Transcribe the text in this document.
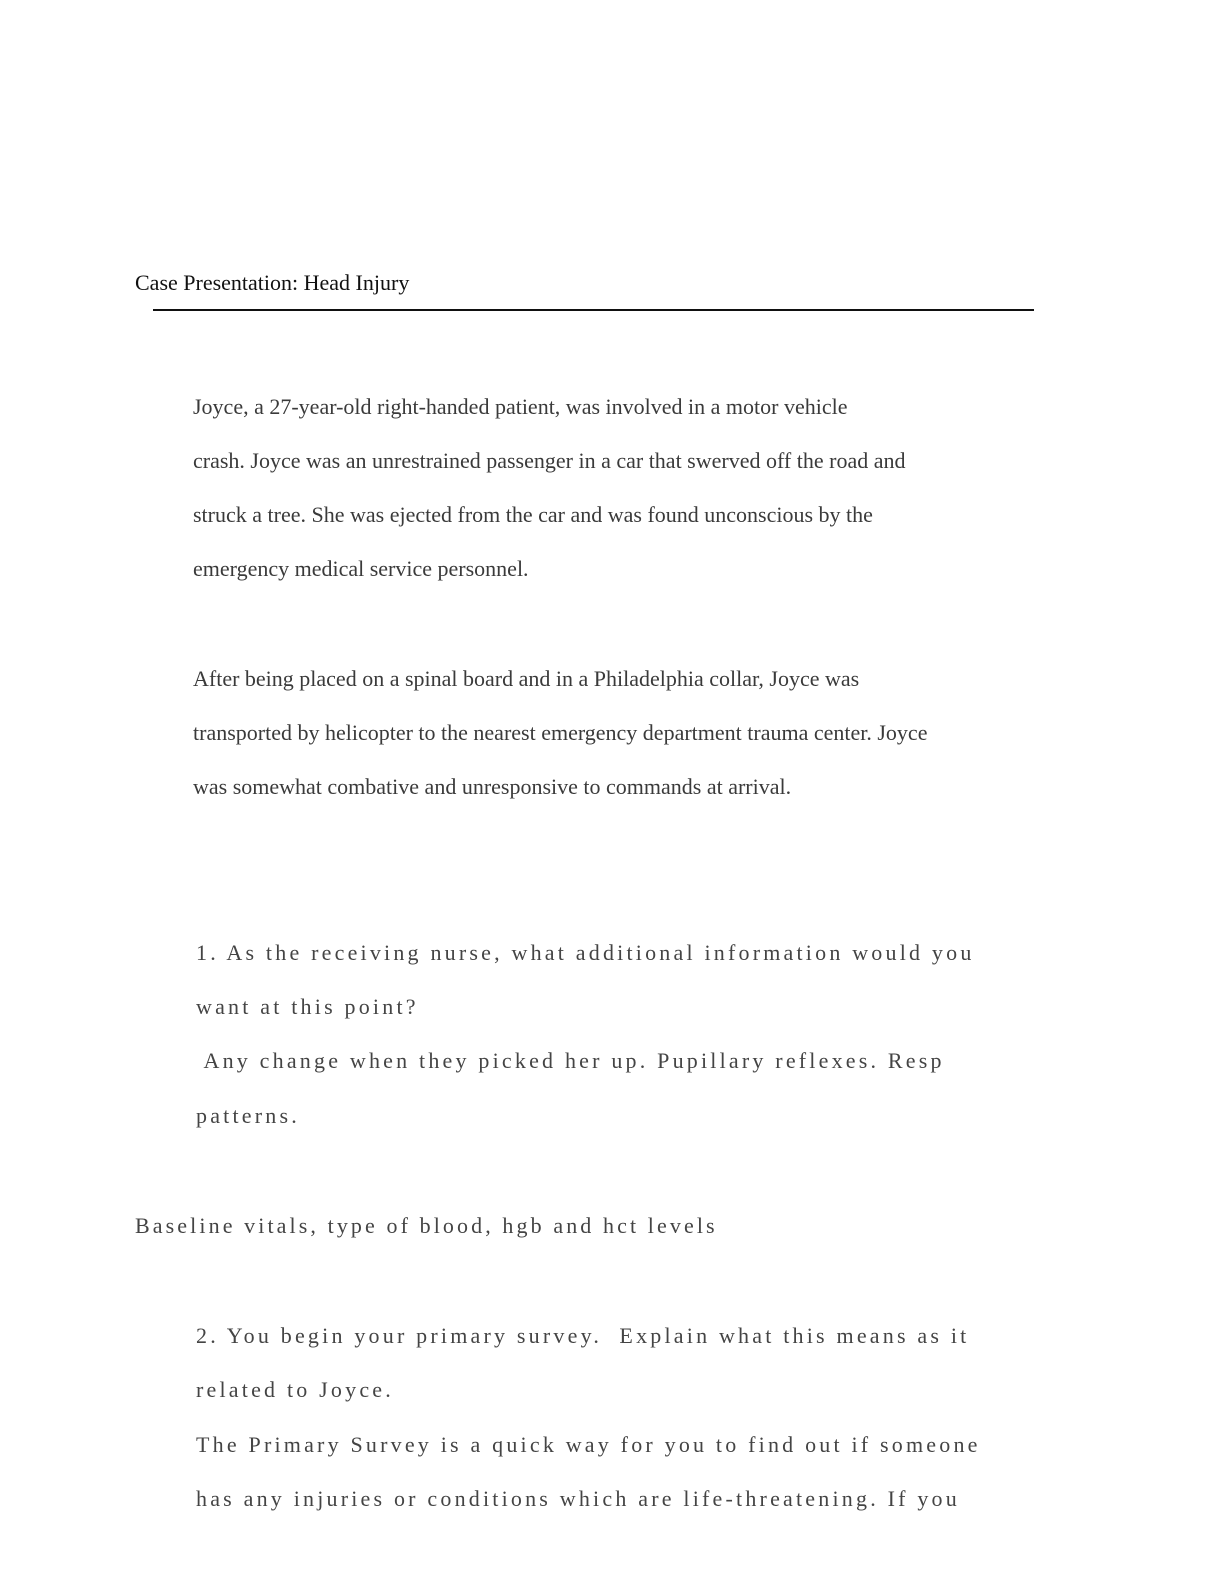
Case Presentation: Head Injury
Joyce, a 27-year-old right-handed patient, was involved in a motor vehicle
crash. Joyce was an unrestrained passenger in a car that swerved off the road and
struck a tree. She was ejected from the car and was found unconscious by the
emergency medical service personnel.
After being placed on a spinal board and in a Philadelphia collar, Joyce was
transported by helicopter to the nearest emergency department trauma center. Joyce
was somewhat combative and unresponsive to commands at arrival.
1. As the receiving nurse, what additional information would you
want at this point?
Any change when they picked her up. Pupillary reflexes. Resp
patterns.
Baseline vitals, type of blood, hgb and hct levels
2. You begin your primary survey.  Explain what this means as it
related to Joyce.
The Primary Survey is a quick way for you to find out if someone
has any injuries or conditions which are life-threatening. If you
